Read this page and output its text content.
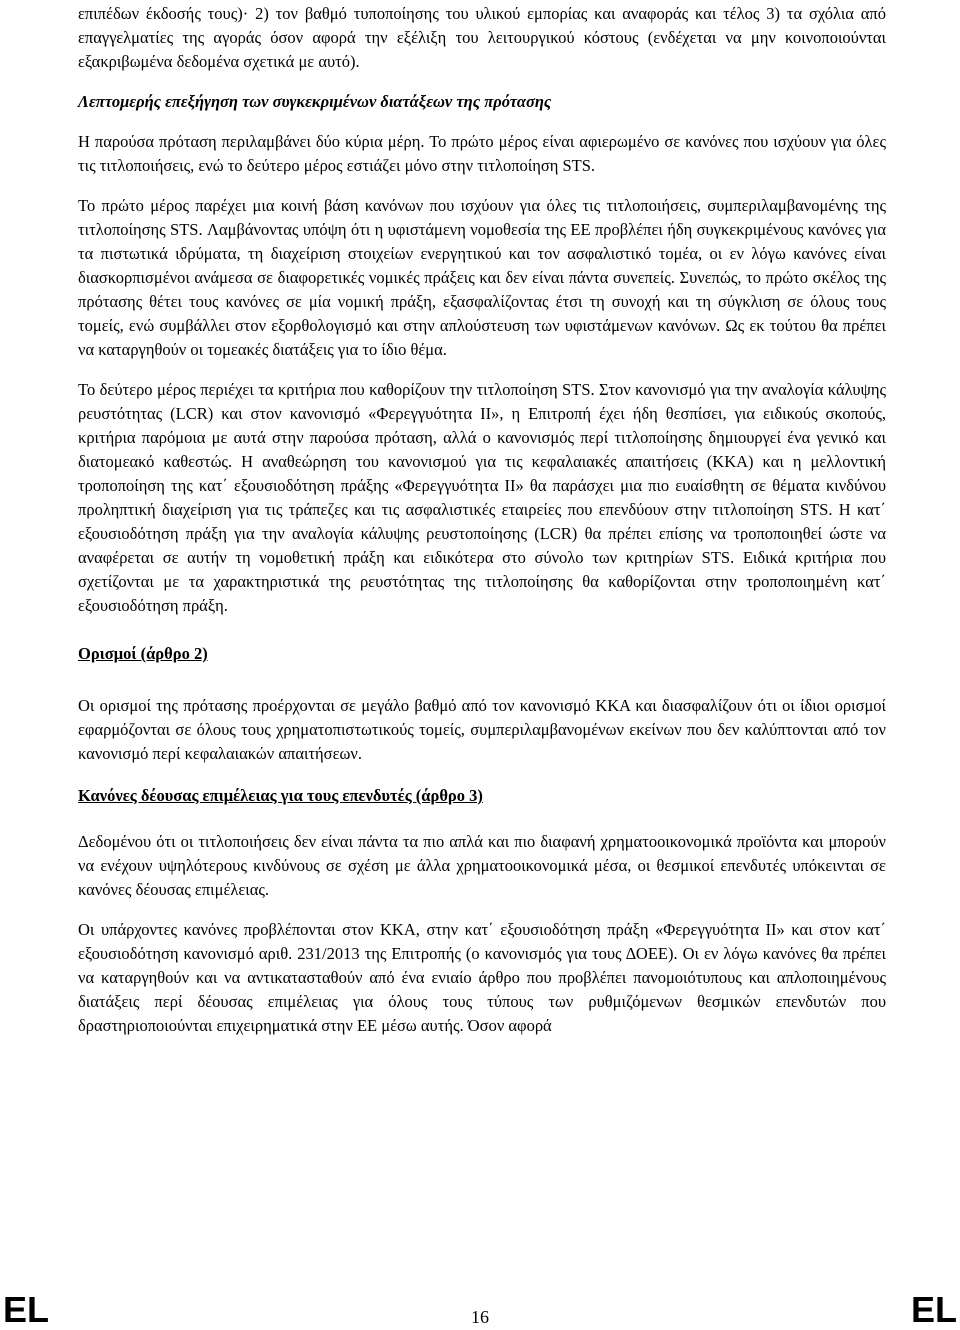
επιπέδων έκδοσής τους)· 2) τον βαθμό τυποποίησης του υλικού εμπορίας και αναφοράς και τέλος 3) τα σχόλια από επαγγελματίες της αγοράς όσον αφορά την εξέλιξη του λειτουργικού κόστους (ενδέχεται να μην κοινοποιούνται εξακριβωμένα δεδομένα σχετικά με αυτό).

Λεπτομερής επεξήγηση των συγκεκριμένων διατάξεων της πρότασης

Η παρούσα πρόταση περιλαμβάνει δύο κύρια μέρη. Το πρώτο μέρος είναι αφιερωμένο σε κανόνες που ισχύουν για όλες τις τιτλοποιήσεις, ενώ το δεύτερο μέρος εστιάζει μόνο στην τιτλοποίηση STS.

Το πρώτο μέρος παρέχει μια κοινή βάση κανόνων που ισχύουν για όλες τις τιτλοποιήσεις, συμπεριλαμβανομένης της τιτλοποίησης STS. Λαμβάνοντας υπόψη ότι η υφιστάμενη νομοθεσία της ΕΕ προβλέπει ήδη συγκεκριμένους κανόνες για τα πιστωτικά ιδρύματα, τη διαχείριση στοιχείων ενεργητικού και τον ασφαλιστικό τομέα, οι εν λόγω κανόνες είναι διασκορπισμένοι ανάμεσα σε διαφορετικές νομικές πράξεις και δεν είναι πάντα συνεπείς. Συνεπώς, το πρώτο σκέλος της πρότασης θέτει τους κανόνες σε μία νομική πράξη, εξασφαλίζοντας έτσι τη συνοχή και τη σύγκλιση σε όλους τους τομείς, ενώ συμβάλλει στον εξορθολογισμό και στην απλούστευση των υφιστάμενων κανόνων. Ως εκ τούτου θα πρέπει να καταργηθούν οι τομεακές διατάξεις για το ίδιο θέμα.

Το δεύτερο μέρος περιέχει τα κριτήρια που καθορίζουν την τιτλοποίηση STS. Στον κανονισμό για την αναλογία κάλυψης ρευστότητας (LCR) και στον κανονισμό «Φερεγγυότητα ΙΙ», η Επιτροπή έχει ήδη θεσπίσει, για ειδικούς σκοπούς, κριτήρια παρόμοια με αυτά στην παρούσα πρόταση, αλλά ο κανονισμός περί τιτλοποίησης δημιουργεί ένα γενικό και διατομεακό καθεστώς. Η αναθεώρηση του κανονισμού για τις κεφαλαιακές απαιτήσεις (ΚΚΑ) και η μελλοντική τροποποίηση της κατ΄ εξουσιοδότηση πράξης «Φερεγγυότητα ΙΙ» θα παράσχει μια πιο ευαίσθητη σε θέματα κινδύνου προληπτική διαχείριση για τις τράπεζες και τις ασφαλιστικές εταιρείες που επενδύουν στην τιτλοποίηση STS. Η κατ΄ εξουσιοδότηση πράξη για την αναλογία κάλυψης ρευστοποίησης (LCR) θα πρέπει επίσης να τροποποιηθεί ώστε να αναφέρεται σε αυτήν τη νομοθετική πράξη και ειδικότερα στο σύνολο των κριτηρίων STS. Ειδικά κριτήρια που σχετίζονται με τα χαρακτηριστικά της ρευστότητας της τιτλοποίησης θα καθορίζονται στην τροποποιημένη κατ΄ εξουσιοδότηση πράξη.

Ορισμοί (άρθρο 2)

Οι ορισμοί της πρότασης προέρχονται σε μεγάλο βαθμό από τον κανονισμό ΚΚΑ και διασφαλίζουν ότι οι ίδιοι ορισμοί εφαρμόζονται σε όλους τους χρηματοπιστωτικούς τομείς, συμπεριλαμβανομένων εκείνων που δεν καλύπτονται από τον κανονισμό περί κεφαλαιακών απαιτήσεων.

Κανόνες δέουσας επιμέλειας για τους επενδυτές (άρθρο 3)

Δεδομένου ότι οι τιτλοποιήσεις δεν είναι πάντα τα πιο απλά και πιο διαφανή χρηματοοικονομικά προϊόντα και μπορούν να ενέχουν υψηλότερους κινδύνους σε σχέση με άλλα χρηματοοικονομικά μέσα, οι θεσμικοί επενδυτές υπόκεινται σε κανόνες δέουσας επιμέλειας.

Οι υπάρχοντες κανόνες προβλέπονται στον ΚΚΑ, στην κατ΄ εξουσιοδότηση πράξη «Φερεγγυότητα ΙΙ» και στον κατ΄ εξουσιοδότηση κανονισμό αριθ. 231/2013 της Επιτροπής (ο κανονισμός για τους ΔΟΕΕ). Οι εν λόγω κανόνες θα πρέπει να καταργηθούν και να αντικατασταθούν από ένα ενιαίο άρθρο που προβλέπει πανομοιότυπους και απλοποιημένους διατάξεις περί δέουσας επιμέλειας για όλους τους τύπους των ρυθμιζόμενων θεσμικών επενδυτών που δραστηριοποιούνται επιχειρηματικά στην ΕΕ μέσω αυτής. Όσον αφορά

EL	16	EL
